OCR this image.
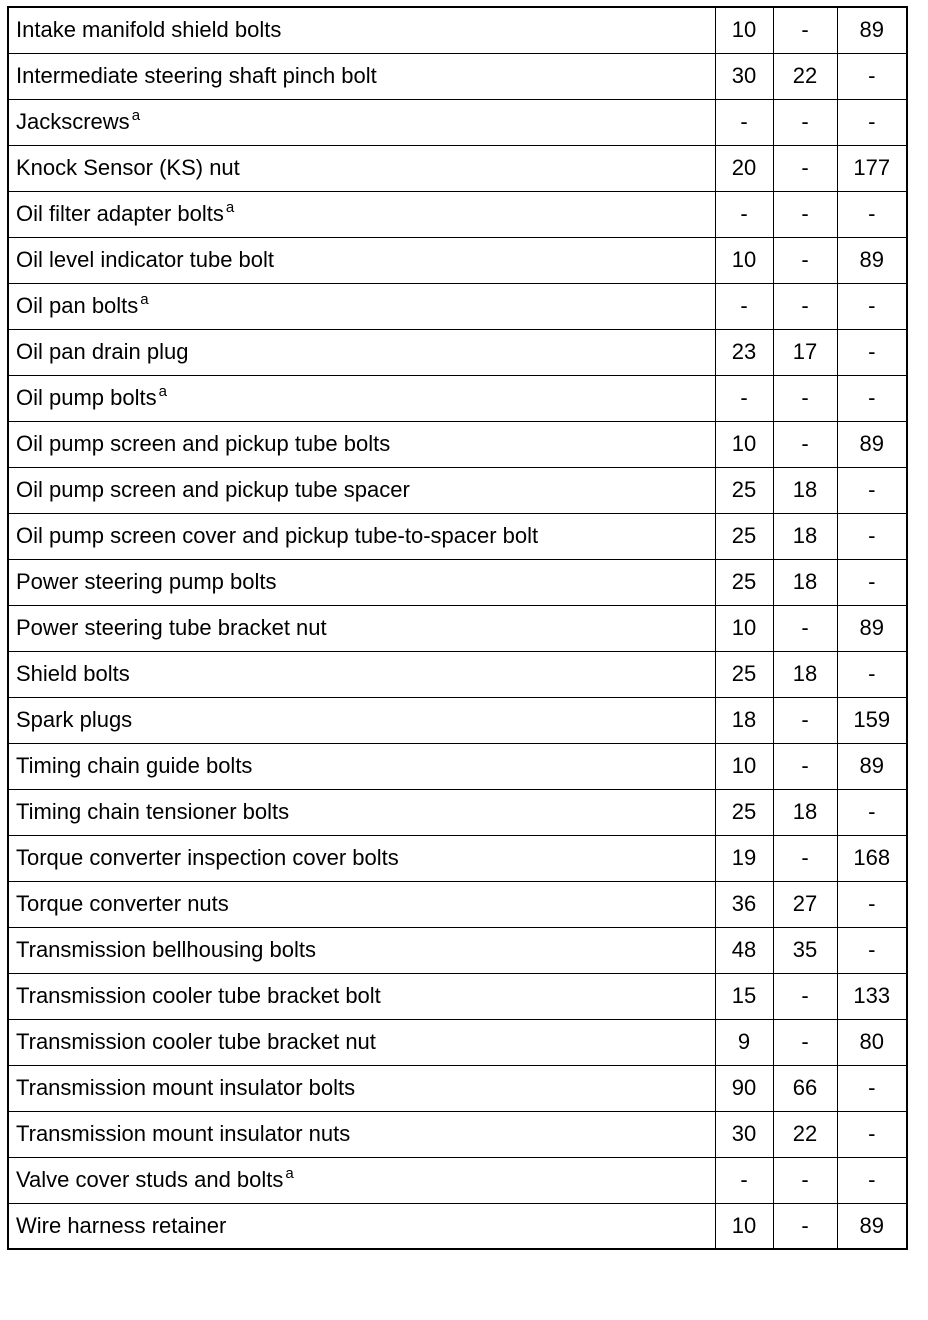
Intake manifold shield bolts	10	-	89
Intermediate steering shaft pinch bolt	30	22	-
Jackscrews $^a$	-	-	-
Knock Sensor (KS) nut	20	-	177
Oil filter adapter bolts $^a$	-	-	-
Oil level indicator tube bolt	10	-	89
Oil pan bolts $^a$	-	-	-
Oil pan drain plug	23	17	-
Oil pump bolts $^a$	-	-	-
Oil pump screen and pickup tube bolts	10	-	89
Oil pump screen and pickup tube spacer	25	18	-
Oil pump screen cover and pickup tube-to-spacer bolt	25	18	-
Power steering pump bolts	25	18	-
Power steering tube bracket nut	10	-	89
Shield bolts	25	18	-
Spark plugs	18	-	159
Timing chain guide bolts	10	-	89
Timing chain tensioner bolts	25	18	-
Torque converter inspection cover bolts	19	-	168
Torque converter nuts	36	27	-
Transmission bellhousing bolts	48	35	-
Transmission cooler tube bracket bolt	15	-	133
Transmission cooler tube bracket nut	9	-	80
Transmission mount insulator bolts	90	66	-
Transmission mount insulator nuts	30	22	-
Valve cover studs and bolts $^a$	-	-	-
Wire harness retainer	10	-	89
